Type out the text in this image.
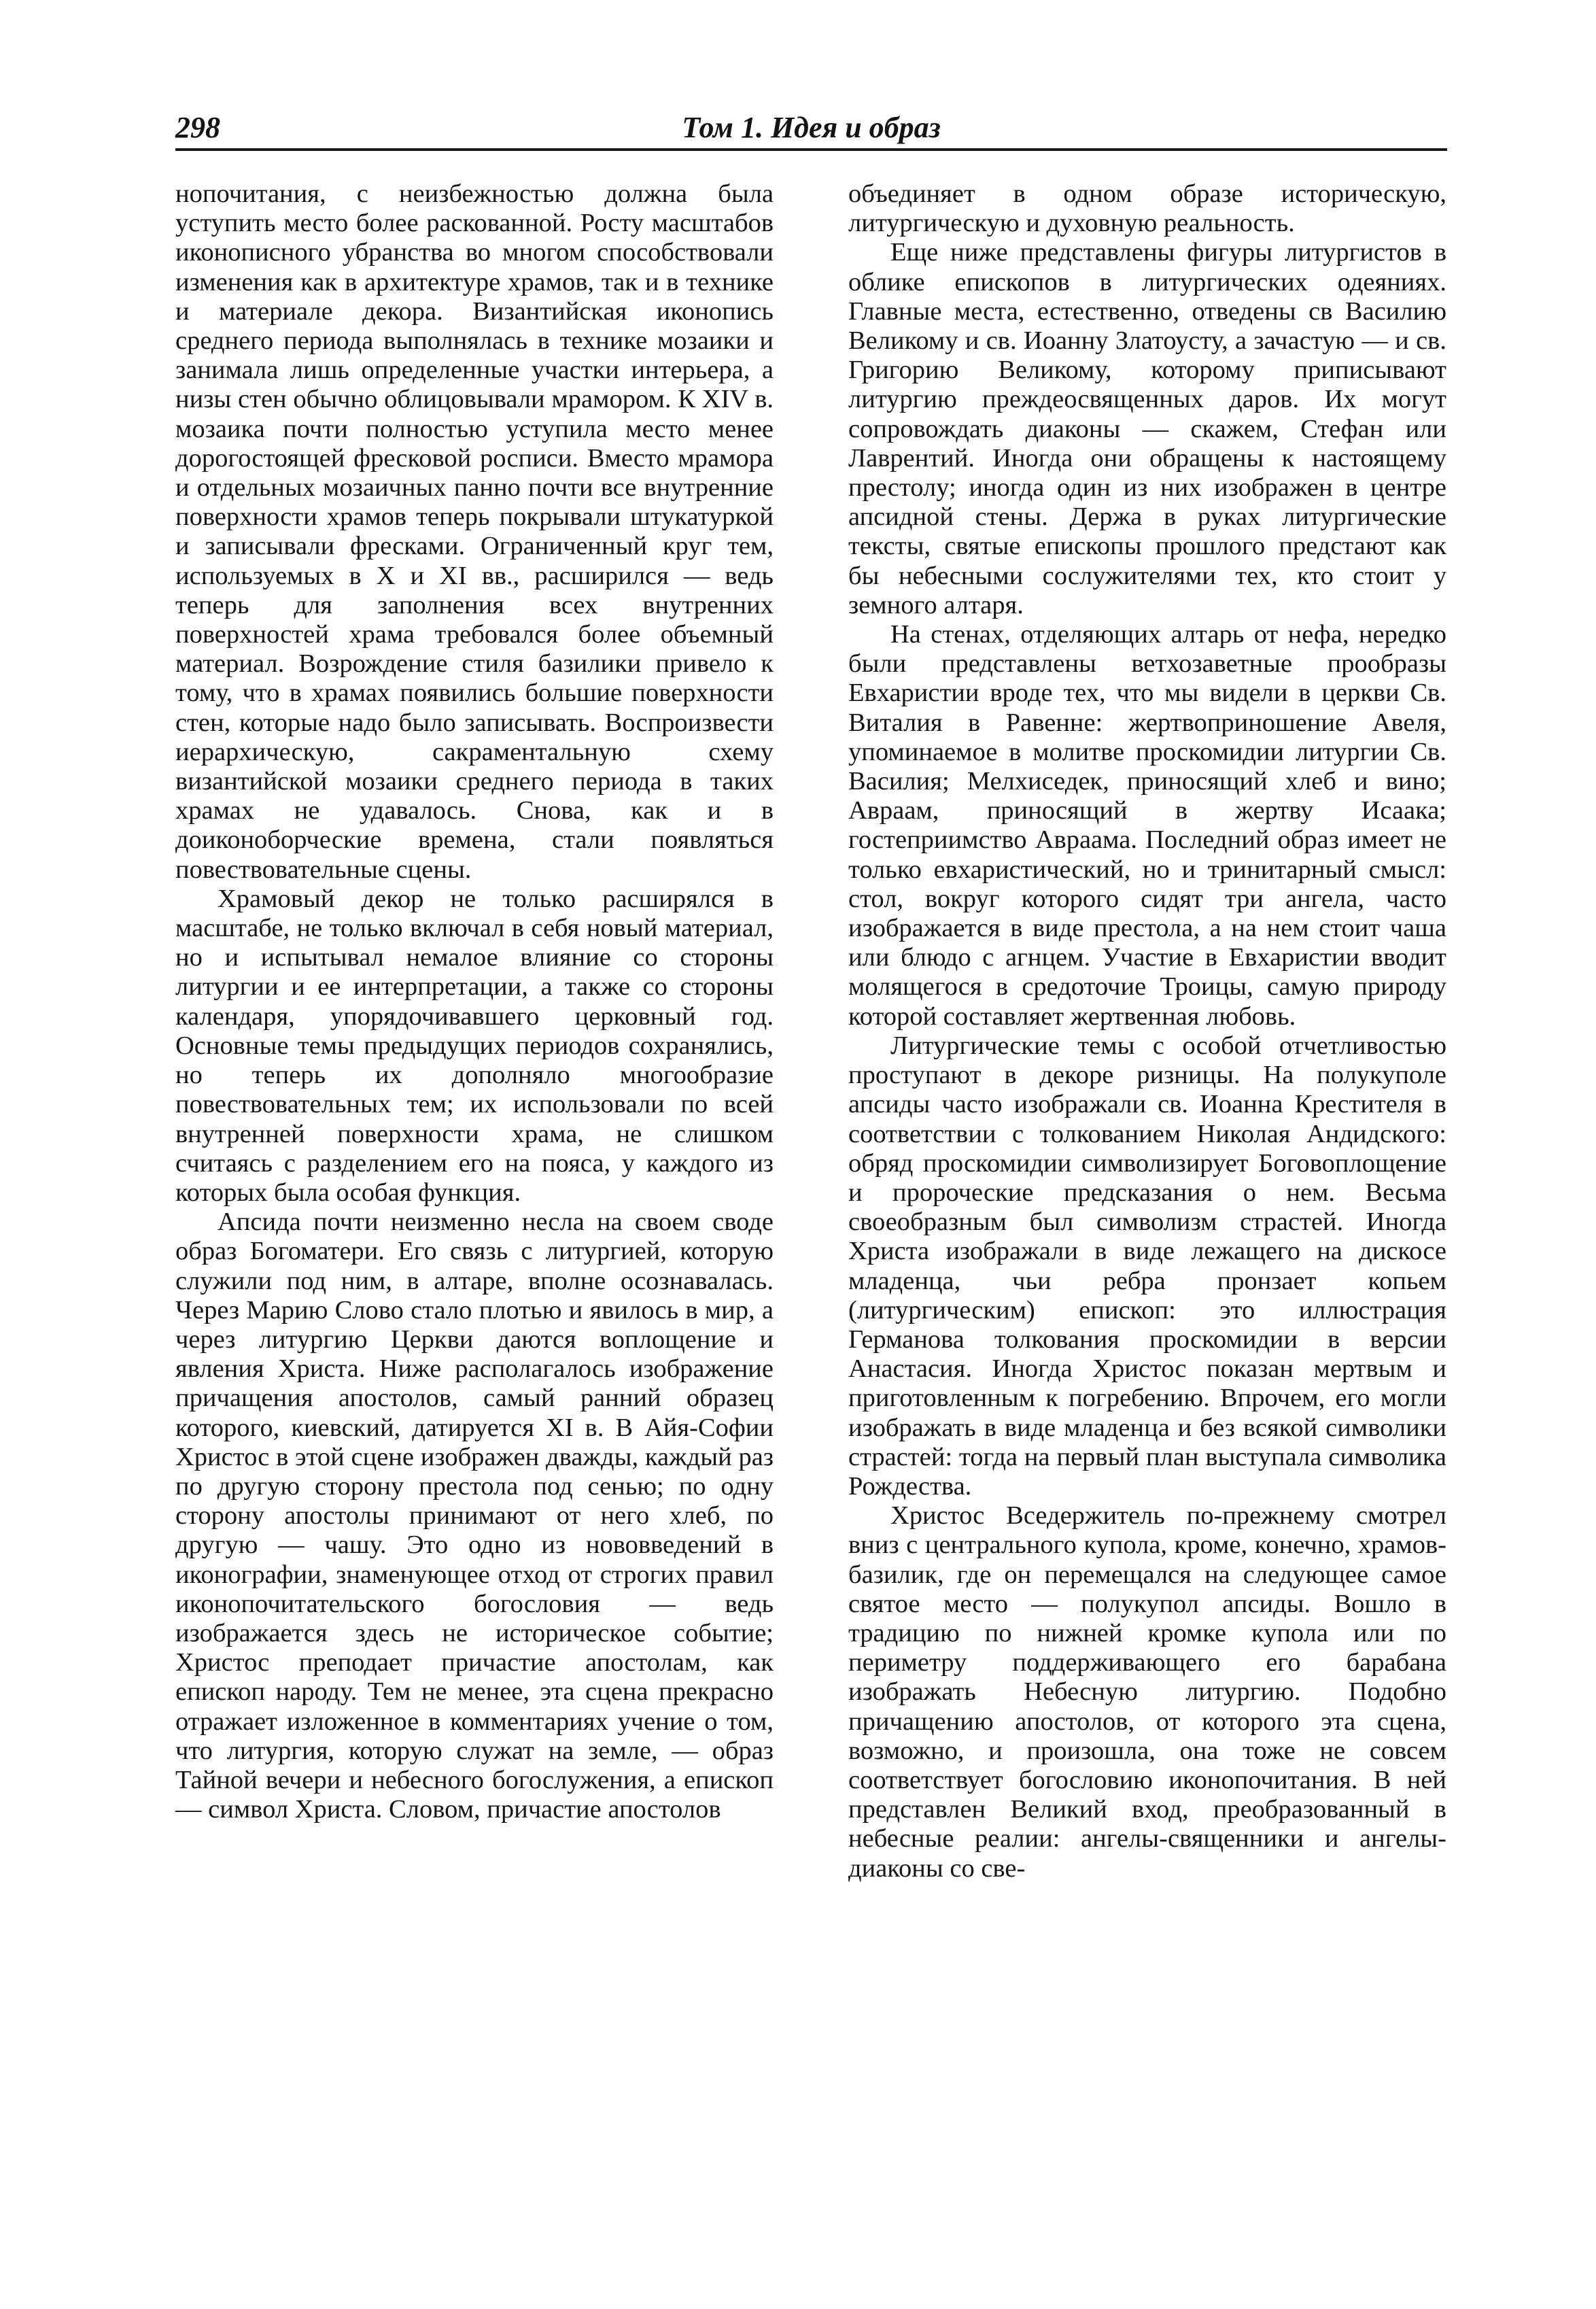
298	Том 1. Идея и образ

нопочитания, с неизбежностью должна была уступить место более раскованной. Росту масштабов иконописного убранства во многом способствовали изменения как в архитектуре храмов, так и в технике и материале декора. Византийская иконопись среднего периода выполнялась в технике мозаики и занимала лишь определенные участки интерьера, а низы стен обычно облицовывали мрамором. К XIV в. мозаика почти полностью уступила место менее дорогостоящей фресковой росписи. Вместо мрамора и отдельных мозаичных панно почти все внутренние поверхности храмов теперь покрывали штукатуркой и записывали фресками. Ограниченный круг тем, используемых в X и XI вв., расширился — ведь теперь для заполнения всех внутренних поверхностей храма требовался более объемный материал. Возрождение стиля базилики привело к тому, что в храмах появились большие поверхности стен, которые надо было записывать. Воспроизвести иерархическую, сакраментальную схему византийской мозаики среднего периода в таких храмах не удавалось. Снова, как и в доиконоборческие времена, стали появляться повествовательные сцены.

Храмовый декор не только расширялся в масштабе, не только включал в себя новый материал, но и испытывал немалое влияние со стороны литургии и ее интерпретации, а также со стороны календаря, упорядочивавшего церковный год. Основные темы предыдущих периодов сохранялись, но теперь их дополняло многообразие повествовательных тем; их использовали по всей внутренней поверхности храма, не слишком считаясь с разделением его на пояса, у каждого из которых была особая функция.

Апсида почти неизменно несла на своем своде образ Богоматери. Его связь с литургией, которую служили под ним, в алтаре, вполне осознавалась. Через Марию Слово стало плотью и явилось в мир, а через литургию Церкви даются воплощение и явления Христа. Ниже располагалось изображение причащения апостолов, самый ранний образец которого, киевский, датируется XI в. В Айя-Софии Христос в этой сцене изображен дважды, каждый раз по другую сторону престола под сенью; по одну сторону апостолы принимают от него хлеб, по другую — чашу. Это одно из нововведений в иконографии, знаменующее отход от строгих правил иконопочитательского богословия — ведь изображается здесь не историческое событие; Христос преподает причастие апостолам, как епископ народу. Тем не менее, эта сцена прекрасно отражает изложенное в комментариях учение о том, что литургия, которую служат на земле, — образ Тайной вечери и небесного богослужения, а епископ — символ Христа. Словом, причастие апостолов

объединяет в одном образе историческую, литургическую и духовную реальность.

Еще ниже представлены фигуры литургистов в облике епископов в литургических одеяниях. Главные места, естественно, отведены св Василию Великому и св. Иоанну Златоусту, а зачастую — и св. Григорию Великому, которому приписывают литургию преждеосвященных даров. Их могут сопровождать диаконы — скажем, Стефан или Лаврентий. Иногда они обращены к настоящему престолу; иногда один из них изображен в центре апсидной стены. Держа в руках литургические тексты, святые епископы прошлого предстают как бы небесными сослужителями тех, кто стоит у земного алтаря.

На стенах, отделяющих алтарь от нефа, нередко были представлены ветхозаветные прообразы Евхаристии вроде тех, что мы видели в церкви Св. Виталия в Равенне: жертвоприношение Авеля, упоминаемое в молитве проскомидии литургии Св. Василия; Мелхиседек, приносящий хлеб и вино; Авраам, приносящий в жертву Исаака; гостеприимство Авраама. Последний образ имеет не только евхаристический, но и тринитарный смысл: стол, вокруг которого сидят три ангела, часто изображается в виде престола, а на нем стоит чаша или блюдо с агнцем. Участие в Евхаристии вводит молящегося в средоточие Троицы, самую природу которой составляет жертвенная любовь.

Литургические темы с особой отчетливостью проступают в декоре ризницы. На полукуполе апсиды часто изображали св. Иоанна Крестителя в соответствии с толкованием Николая Андидского: обряд проскомидии символизирует Боговоплощение и пророческие предсказания о нем. Весьма своеобразным был символизм страстей. Иногда Христа изображали в виде лежащего на дискосе младенца, чьи ребра пронзает копьем (литургическим) епископ: это иллюстрация Германова толкования проскомидии в версии Анастасия. Иногда Христос показан мертвым и приготовленным к погребению. Впрочем, его могли изображать в виде младенца и без всякой символики страстей: тогда на первый план выступала символика Рождества.

Христос Вседержитель по-прежнему смотрел вниз с центрального купола, кроме, конечно, храмов-базилик, где он перемещался на следующее самое святое место — полукупол апсиды. Вошло в традицию по нижней кромке купола или по периметру поддерживающего его барабана изображать Небесную литургию. Подобно причащению апостолов, от которого эта сцена, возможно, и произошла, она тоже не совсем соответствует богословию иконопочитания. В ней представлен Великий вход, преобразованный в небесные реалии: ангелы-священники и ангелы-диаконы со све-
